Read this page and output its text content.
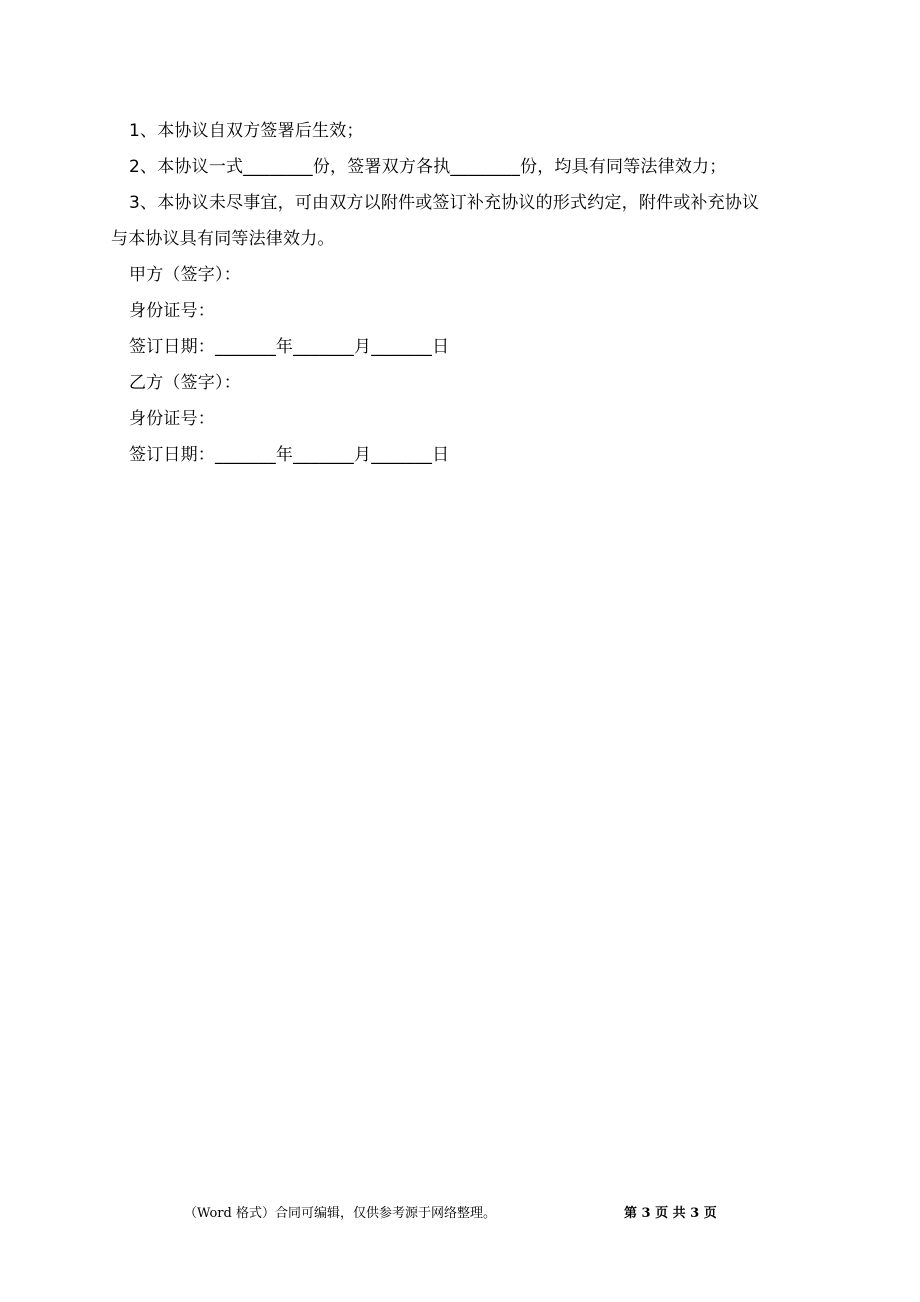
1、本协议自双方签署后生效；
2、本协议一式________份，签署双方各执________份，均具有同等法律效力；
3、本协议未尽事宜，可由双方以附件或签订补充协议的形式约定，附件或补充协议
与本协议具有同等法律效力。
甲方（签字）：
身份证号：
签订日期：_______年_______月_______日
乙方（签字）：
身份证号：
签订日期：_______年_______月_______日
（Word 格式）合同可编辑，仅供参考源于网络整理。	第 3 页 共 3 页
